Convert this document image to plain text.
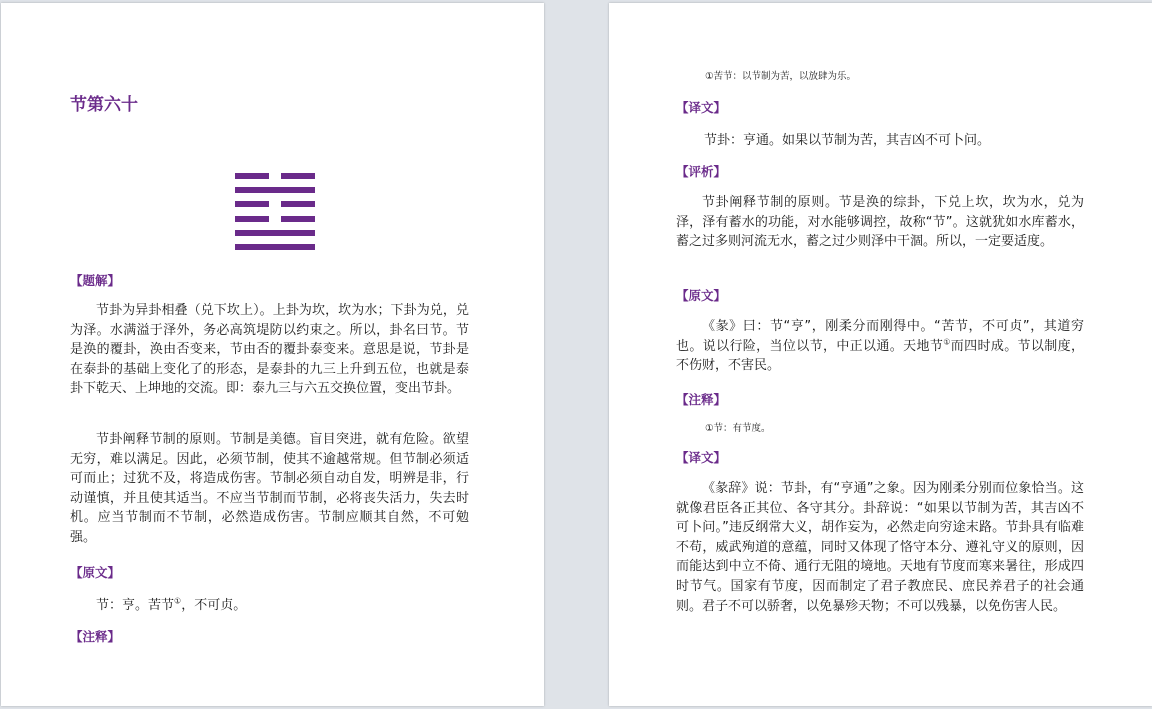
节第六十
【题解】
节卦为异卦相叠（兑下坎上）。上卦为坎，坎为水；下卦为兑，兑为泽。水满溢于泽外，务必高筑堤防以约束之。所以，卦名曰节。节是涣的覆卦，涣由否变来，节由否的覆卦泰变来。意思是说，节卦是在泰卦的基础上变化了的形态，是泰卦的九三上升到五位，也就是泰卦下乾天、上坤地的交流。即：泰九三与六五交换位置，变出节卦。
节卦阐释节制的原则。节制是美德。盲目突进，就有危险。欲望无穷，难以满足。因此，必须节制，使其不逾越常规。但节制必须适可而止；过犹不及，将造成伤害。节制必须自动自发，明辨是非，行动谨慎，并且使其适当。不应当节制而节制，必将丧失活力，失去时机。应当节制而不节制，必然造成伤害。节制应顺其自然，不可勉强。
【原文】
节：亨。苦节①，不可贞。
【注释】
①苦节：以节制为苦，以放肆为乐。
【译文】
节卦：亨通。如果以节制为苦，其吉凶不可卜问。
【评析】
节卦阐释节制的原则。节是涣的综卦，下兑上坎，坎为水，兑为泽，泽有蓄水的功能，对水能够调控，故称“节”。这就犹如水库蓄水，蓄之过多则河流无水，蓄之过少则泽中干涸。所以，一定要适度。
【原文】
《彖》曰：节“亨”，刚柔分而刚得中。“苦节，不可贞”，其道穷也。说以行险，当位以节，中正以通。天地节①而四时成。节以制度，不伤财，不害民。
【注释】
①节：有节度。
【译文】
《彖辞》说：节卦，有“亨通”之象。因为刚柔分别而位象恰当。这就像君臣各正其位、各守其分。卦辞说：“如果以节制为苦，其吉凶不可卜问。”违反纲常大义，胡作妄为，必然走向穷途末路。节卦具有临难不苟，威武殉道的意蕴，同时又体现了恪守本分、遵礼守义的原则，因而能达到中立不倚、通行无阻的境地。天地有节度而寒来暑往，形成四时节气。国家有节度，因而制定了君子教庶民、庶民养君子的社会通则。君子不可以骄奢，以免暴殄天物；不可以残暴，以免伤害人民。
